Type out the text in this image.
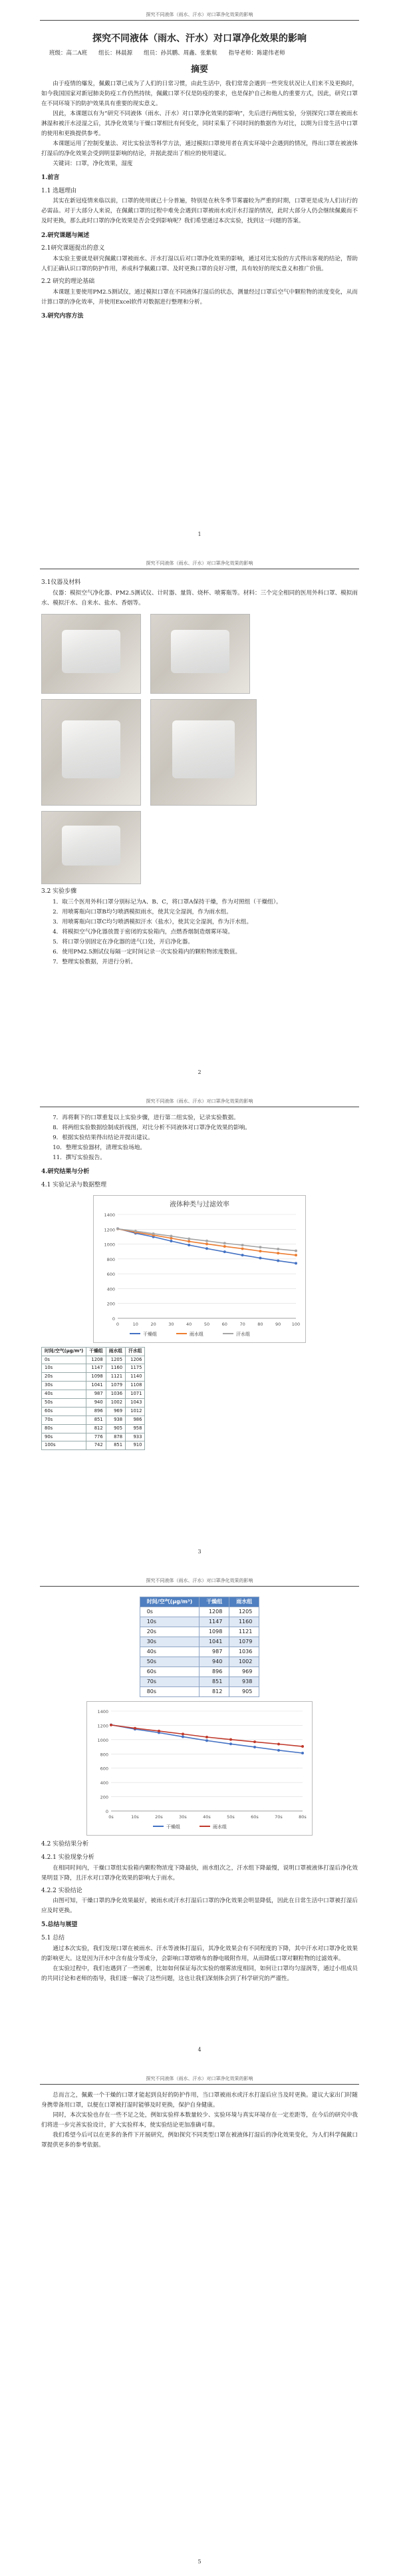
探究不同液体（雨水、汗水）对口罩净化效果的影响
探究不同液体（雨水、汗水）对口罩净化效果的影响
班级：高二A班　　组长：林晨源　　组员：孙其鹏、周鑫、张紫航　　指导老师：陈建伟老师
摘要

由于疫情的爆发，佩戴口罩已成为了人们的日常习惯，由此生活中，我们常常会遇到一些突发状况让人们来不及更换时，如今我国国家对新冠肺炎防疫工作仍然持续，佩戴口罩不仅是防疫的要求，也是保护自己和他人的重要方式，因此，研究口罩在不同环境下的防护效果具有重要的现实意义。

因此，本课题以有为“研究不同液体（雨水、汗水）对口罩净化效果的影响”，先后进行两组实验，分别探究口罩在被雨水淋湿和被汗水浸湿之后，其净化效果与干燥口罩相比有何变化，同时采集了不同时间的数据作为对比，以期为日常生活中口罩的使用和更换提供参考。

本课题运用了控制变量法、对比实验法等科学方法，通过模拟口罩使用者在真实环境中会遇到的情况，得出口罩在被液体打湿后的净化效果会受到明显影响的结论，并据此提出了相应的使用建议。

关键词：口罩，净化效果，湿度

1.前言
1.1 选题理由

其实在新冠疫情来临以前，口罩的使用就已十分普遍，特别是在秋冬季节雾霾较为严重的时期，口罩更是成为人们出行的必需品。对于大部分人来说，在佩戴口罩的过程中难免会遇到口罩被雨水或汗水打湿的情况，此时大部分人仍会继续佩戴而不及时更换，那么此时口罩的净化效果是否会受到影响呢？我们希望通过本次实验，找到这一问题的答案。

2.研究课题与阐述
2.1研究课题提出的意义

本实验主要就是研究佩戴口罩被雨水、汗水打湿以后对口罩净化效果的影响，通过对比实验的方式得出客观的结论，帮助人们正确认识口罩的防护作用，养成科学佩戴口罩、及时更换口罩的良好习惯，具有较好的现实意义和推广价值。

2.2 研究的理论基础

本课题主要使用PM2.5测试仪，通过模拟口罩在不同液体打湿后的状态，测量经过口罩后空气中颗粒物的浓度变化，从而计算口罩的净化效率，并使用Excel软件对数据进行整理和分析。

3.研究内容方法
1
探究不同液体（雨水、汗水）对口罩净化效果的影响
3.1仪器及材料

仪器：模拟空气净化器、PM2.5测试仪、计时器、量筒、烧杯、喷雾瓶等。材料：三个完全相同的医用外科口罩、模拟雨水、模拟汗水、自来水、盐水、香烟等。

3.2 实验步骤

1．取三个医用外科口罩分别标记为A、B、C，将口罩A保持干燥，作为对照组（干燥组）。

2．用喷雾瓶向口罩B均匀喷洒模拟雨水，使其完全湿润，作为雨水组。

3．用喷雾瓶向口罩C均匀喷洒模拟汗水（盐水），使其完全湿润，作为汗水组。

4．将模拟空气净化器放置于密闭的实验箱内，点燃香烟制造烟雾环境。

5．将口罩分别固定在净化器的进气口处，开启净化器。

6．使用PM2.5测试仪每隔一定时间记录一次实验箱内的颗粒物浓度数值。

7．整理实验数据，并进行分析。

2
探究不同液体（雨水、汗水）对口罩净化效果的影响

7．再将剩下的口罩重复以上实验步骤，进行第二组实验，记录实验数据。

8．将两组实验数据绘制成折线图，对比分析不同液体对口罩净化效果的影响。

9．根据实验结果得出结论并提出建议。

10．整理实验器材，清理实验场地。

11．撰写实验报告。

4.研究结果与分析
4.1 实验记录与数据整理
液体种类与过滤效率
0
200
400
600
800
1000
1200
1400
0	10	20	30	40	50	60	70	80	90	100
干燥组	雨水组	汗水组
时间/空气(μg/m³)	干燥组	雨水组	汗水组
0s	1208	1205	1206
10s	1147	1160	1175
20s	1098	1121	1140
30s	1041	1079	1108
40s	987	1036	1071
50s	940	1002	1043
60s	896	969	1012
70s	851	938	986
80s	812	905	958
90s	776	878	933
100s	742	851	910
3
探究不同液体（雨水、汗水）对口罩净化效果的影响
时间/空气(μg/m³)	干燥组	雨水组
0s	1208	1205
10s	1147	1160
20s	1098	1121
30s	1041	1079
40s	987	1036
50s	940	1002
60s	896	969
70s	851	938
80s	812	905
0
200
400
600
800
1000
1200
1400
0s	10s	20s	30s	40s	50s	60s	70s	80s
干燥组	雨水组
4.2 实验结果分析
4.2.1 实验现象分析

在相同时间内，干燥口罩组实验箱内颗粒物浓度下降最快，雨水组次之，汗水组下降最慢，说明口罩被液体打湿后净化效果明显下降，且汗水对口罩净化效果的影响大于雨水。

4.2.2 实验结论

由图可知，干燥口罩的净化效果最好，被雨水或汗水打湿后口罩的净化效果会明显降低，因此在日常生活中口罩被打湿后应及时更换。

5.总结与展望
5.1 总结

通过本次实验，我们发现口罩在被雨水、汗水等液体打湿后，其净化效果会有不同程度的下降，其中汗水对口罩净化效果的影响更大。这是因为汗水中含有盐分等成分，会影响口罩熔喷布的静电吸附作用，从而降低口罩对颗粒物的过滤效率。

在实验过程中，我们也遇到了一些困难，比如如何保证每次实验的烟雾浓度相同，如何让口罩均匀湿润等，通过小组成员的共同讨论和老师的指导，我们逐一解决了这些问题，这也让我们深刻体会到了科学研究的严谨性。

4
探究不同液体（雨水、汗水）对口罩净化效果的影响

总而言之，佩戴一个干燥的口罩才能起到良好的防护作用，当口罩被雨水或汗水打湿后应当及时更换。建议大家出门时随身携带备用口罩，以便在口罩被打湿时能够及时更换，保护自身健康。

同时，本次实验也存在一些不足之处，例如实验样本数量较少、实验环境与真实环境存在一定差距等，在今后的研究中我们将进一步完善实验设计，扩大实验样本，使实验结论更加准确可靠。

我们希望今后可以在更多的条件下开展研究，例如探究不同类型口罩在被液体打湿后的净化效果变化，为人们科学佩戴口罩提供更多的参考依据。

5
